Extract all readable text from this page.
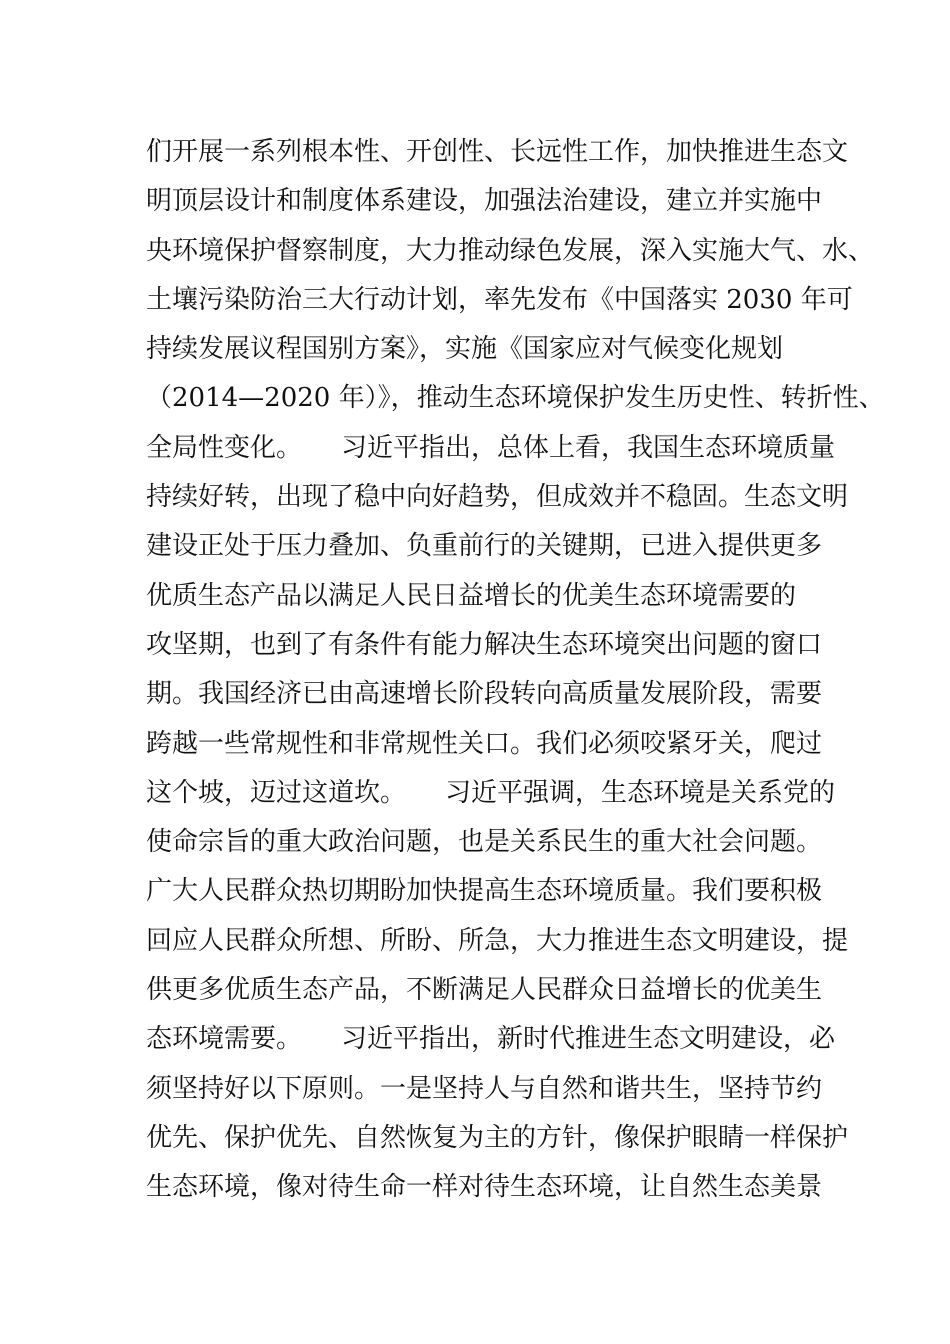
们开展一系列根本性、开创性、长远性工作，加快推进生态文
明顶层设计和制度体系建设，加强法治建设，建立并实施中
央环境保护督察制度，大力推动绿色发展，深入实施大气、水、
土壤污染防治三大行动计划，率先发布《中国落实 2030 年可
持续发展议程国别方案》，实施《国家应对气候变化规划
（2014—2020 年）》，推动生态环境保护发生历史性、转折性、
全局性变化。　　习近平指出，总体上看，我国生态环境质量
持续好转，出现了稳中向好趋势，但成效并不稳固。生态文明
建设正处于压力叠加、负重前行的关键期，已进入提供更多
优质生态产品以满足人民日益增长的优美生态环境需要的
攻坚期，也到了有条件有能力解决生态环境突出问题的窗口
期。我国经济已由高速增长阶段转向高质量发展阶段，需要
跨越一些常规性和非常规性关口。我们必须咬紧牙关，爬过
这个坡，迈过这道坎。　　习近平强调，生态环境是关系党的
使命宗旨的重大政治问题，也是关系民生的重大社会问题。
广大人民群众热切期盼加快提高生态环境质量。我们要积极
回应人民群众所想、所盼、所急，大力推进生态文明建设，提
供更多优质生态产品，不断满足人民群众日益增长的优美生
态环境需要。　　习近平指出，新时代推进生态文明建设，必
须坚持好以下原则。一是坚持人与自然和谐共生，坚持节约
优先、保护优先、自然恢复为主的方针，像保护眼睛一样保护
生态环境，像对待生命一样对待生态环境，让自然生态美景
